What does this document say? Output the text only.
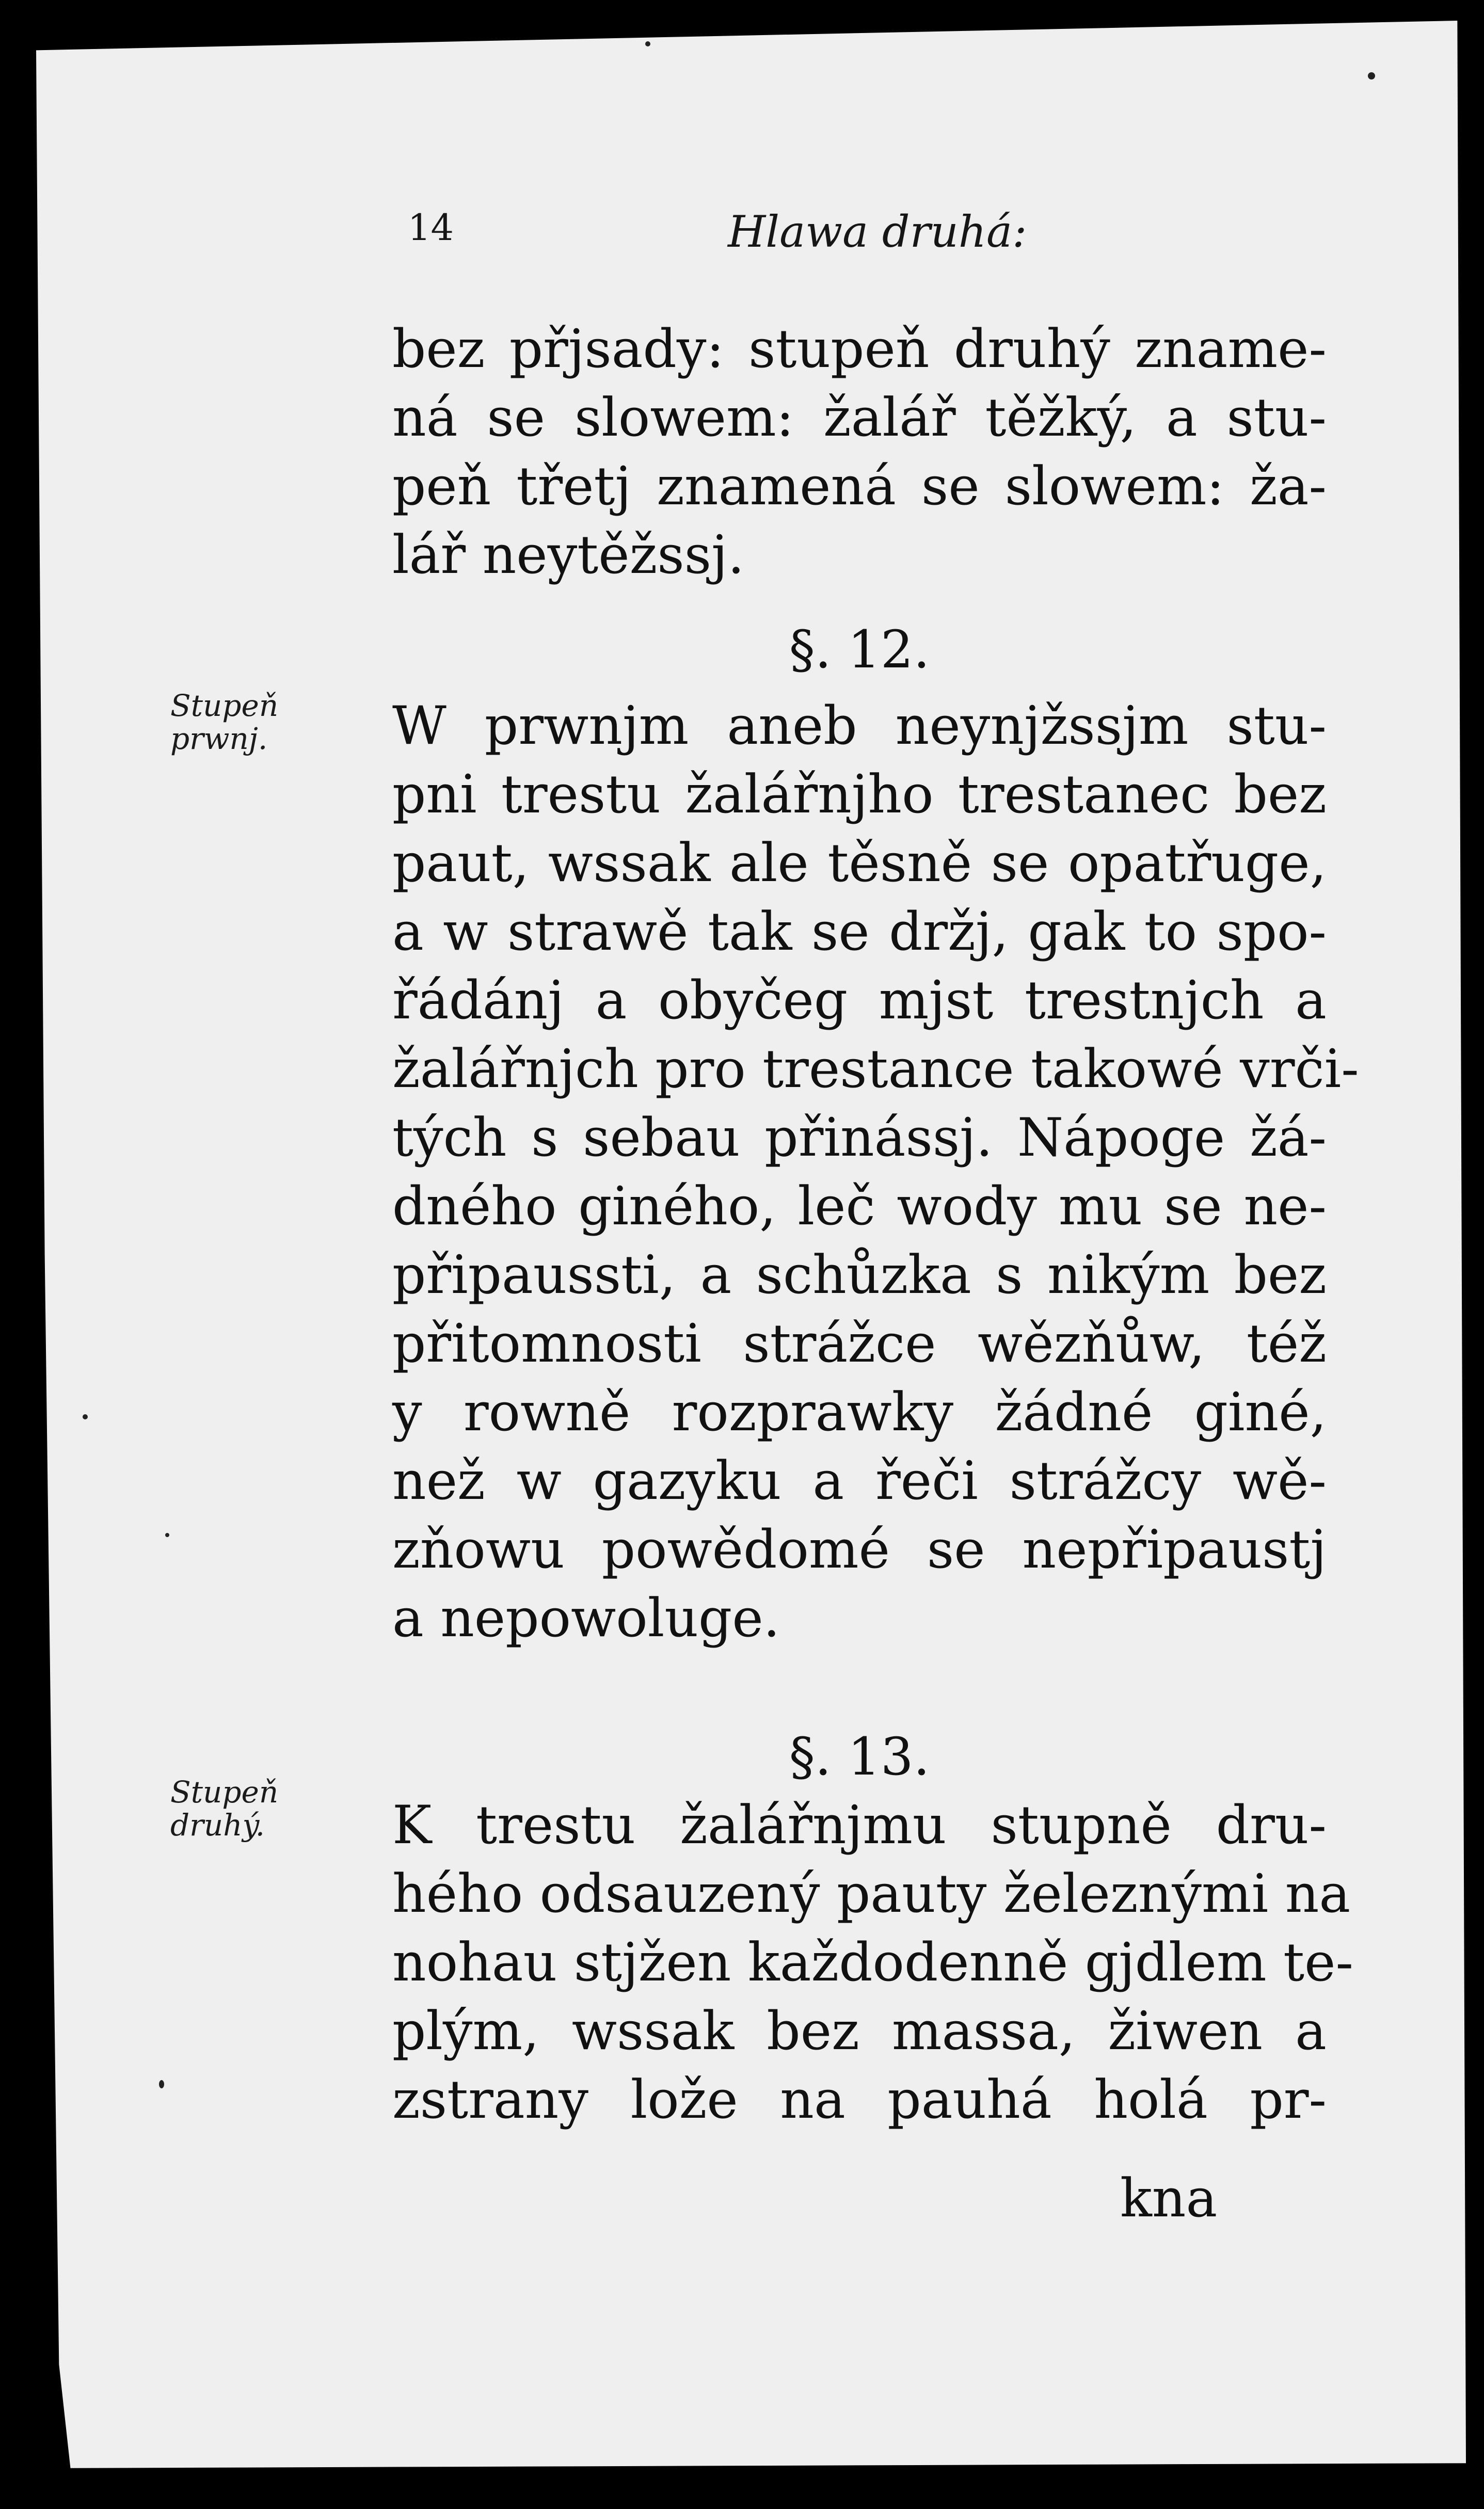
14	Hlawa druhá:
bez přjsady: stupeň druhý zname-
ná se slowem: žalář těžký, a stu-
peň třetj znamená se slowem: ža-
lář neytěžssj.
§. 12.
Stupeň
prwnj.	W prwnjm aneb neynjžssjm stu-
pni trestu žalářnjho trestanec bez
paut, wssak ale těsně se opatřuge,
a w strawě tak se držj, gak to spo-
řádánj a obyčeg mjst trestnjch a
žalářnjch pro trestance takowé vrči-
tých s sebau přinássj. Nápoge žá-
dného giného, leč wody mu se ne-
připaussti, a schůzka s nikým bez
přitomnosti strážce wězňůw, též
y rowně rozprawky žádné giné,
než w gazyku a řeči strážcy wě-
zňowu powědomé se nepřipaustj
a nepowoluge.
§. 13.
Stupeň
druhý.	K trestu žalářnjmu stupně dru-
hého odsauzený pauty železnými na
nohau stjžen každodenně gjdlem te-
plým, wssak bez massa, žiwen a
zstrany lože na pauhá holá pr-
kna
